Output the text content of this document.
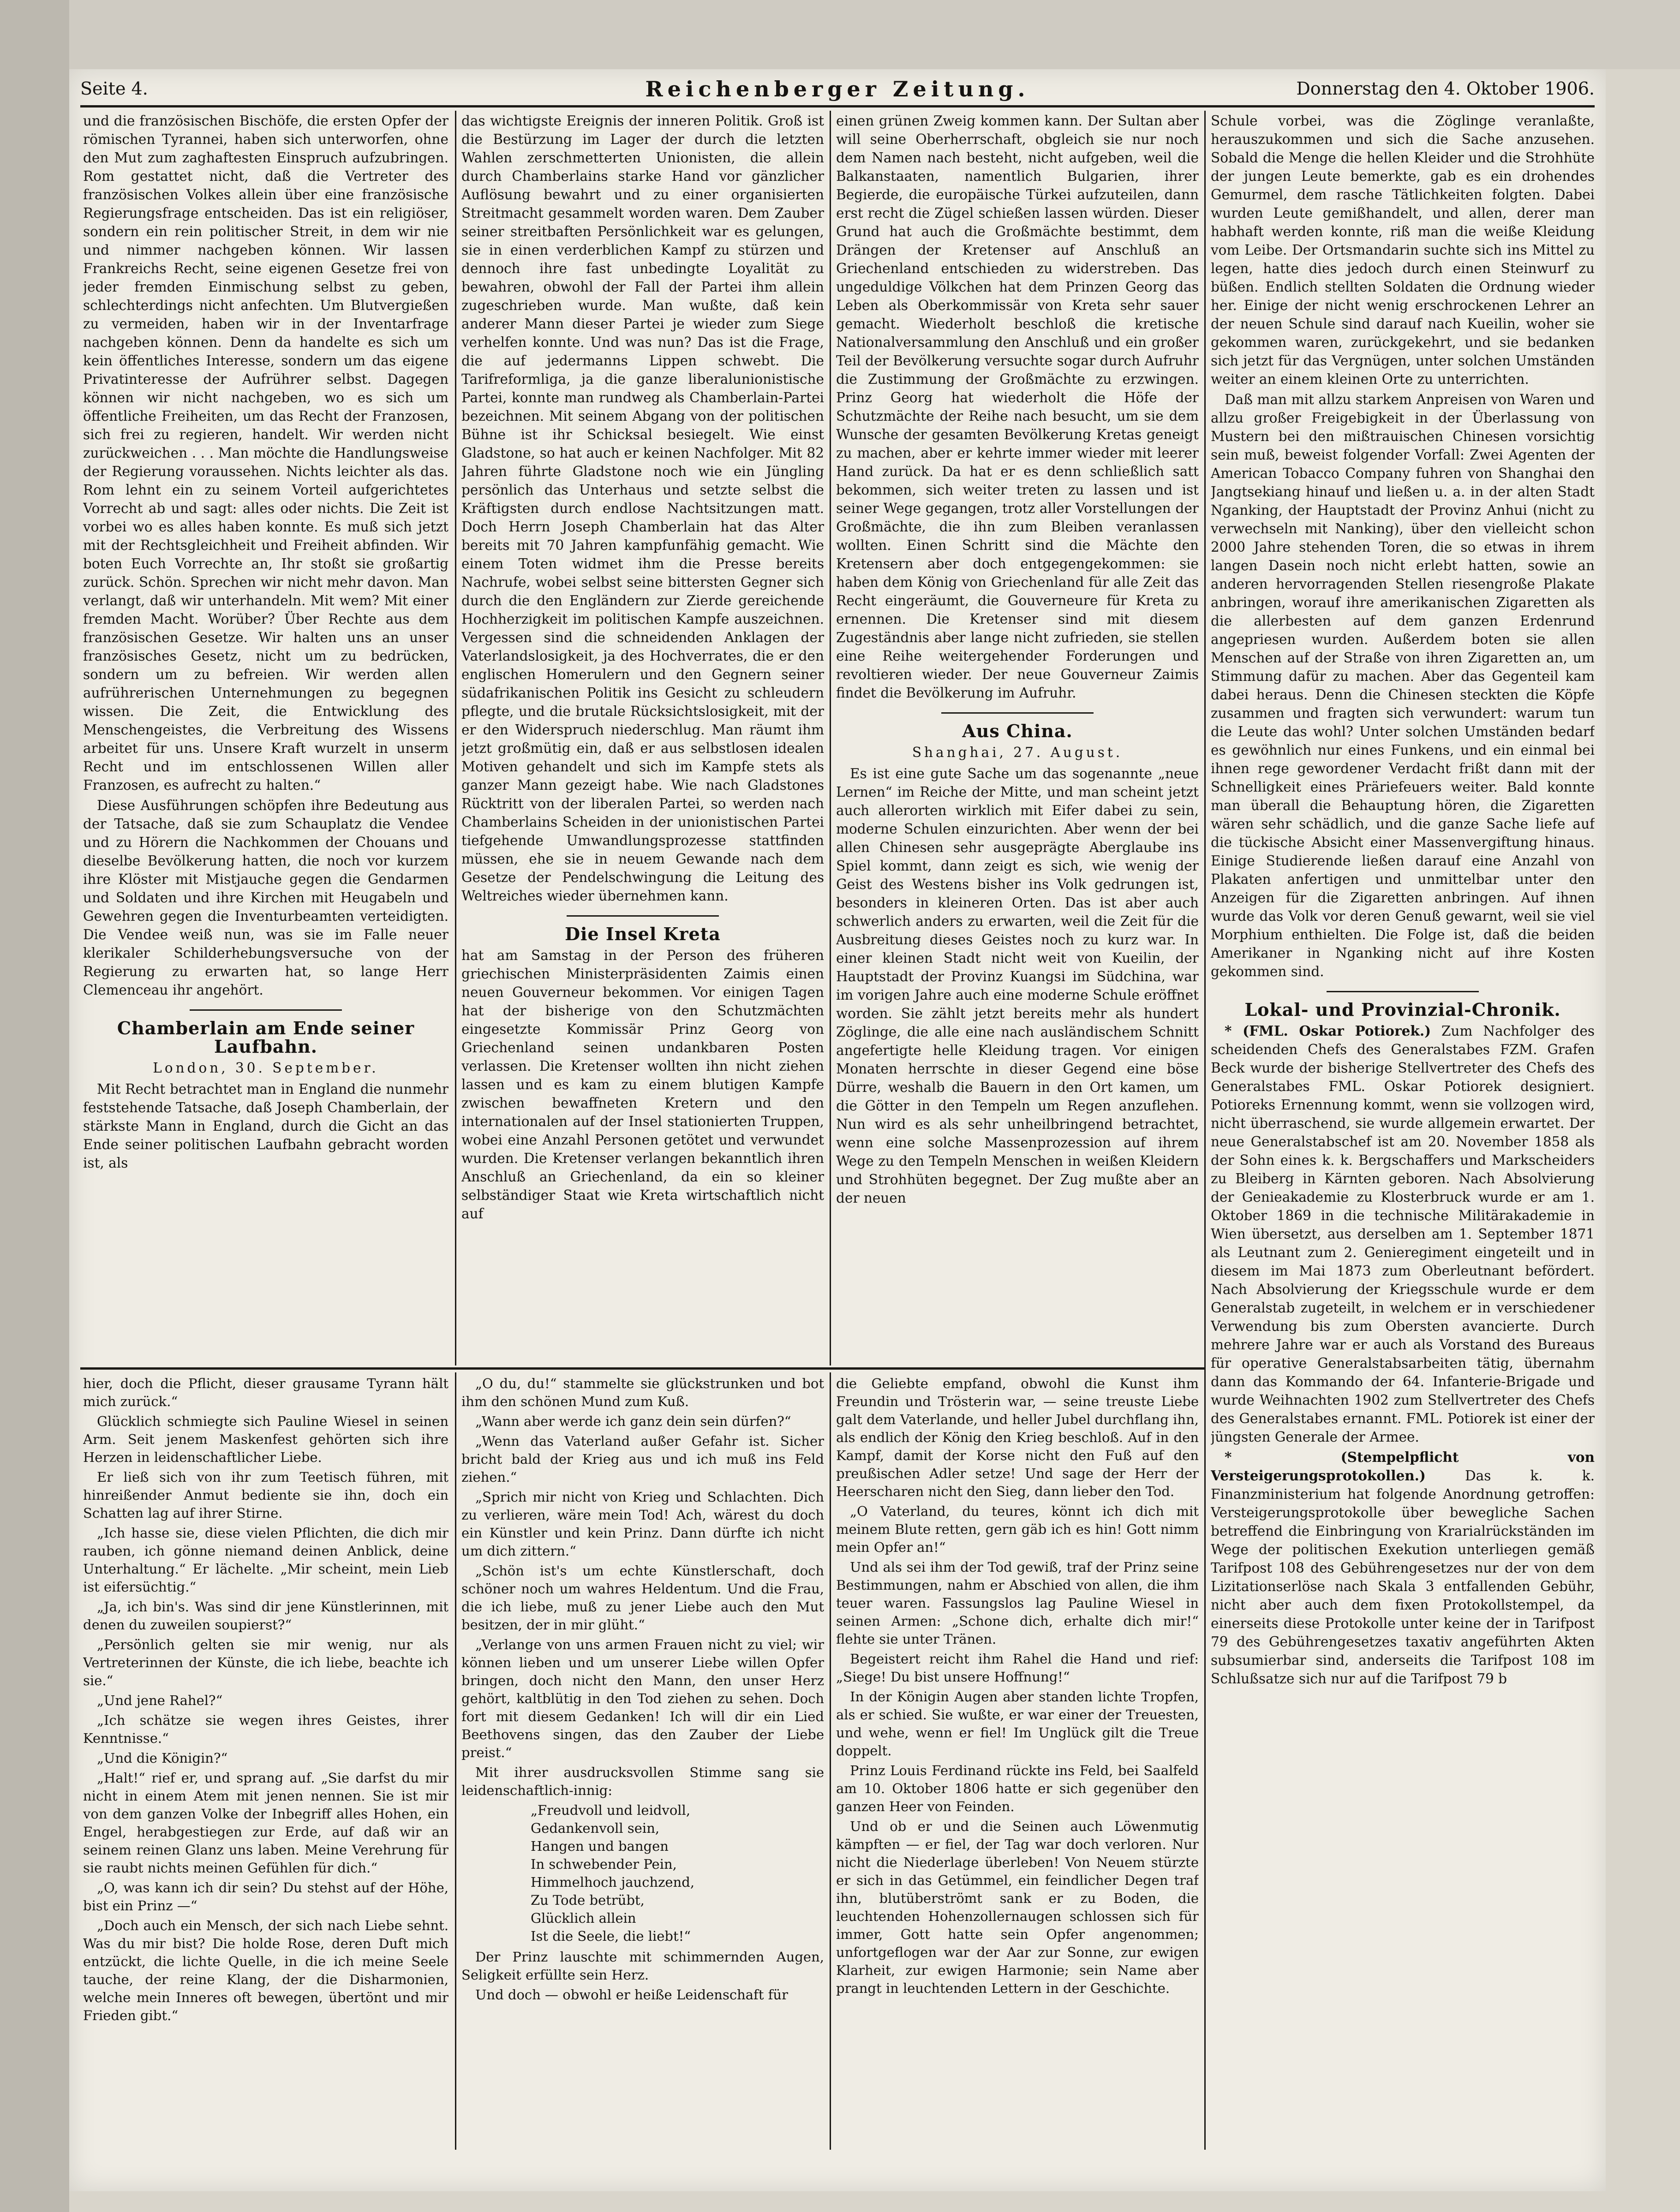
Seite 4.	Reichenberger Zeitung.	Donnerstag den 4. Oktober 1906.

und die französischen Bischöfe, die ersten Opfer der römischen Tyrannei, haben sich unterworfen, ohne den Mut zum zaghaftesten Einspruch aufzubringen. Rom gestattet nicht, daß die Vertreter des französischen Volkes allein über eine französische Regierungsfrage entscheiden. Das ist ein religiöser, sondern ein rein politischer Streit, in dem wir nie und nimmer nachgeben können. Wir lassen Frankreichs Recht, seine eigenen Gesetze frei von jeder fremden Einmischung selbst zu geben, schlechterdings nicht anfechten. Um Blutvergießen zu vermeiden, haben wir in der Inventarfrage nachgeben können. Denn da handelte es sich um kein öffentliches Interesse, sondern um das eigene Privatinteresse der Aufrührer selbst. Dagegen können wir nicht nachgeben, wo es sich um öffentliche Freiheiten, um das Recht der Franzosen, sich frei zu regieren, handelt. Wir werden nicht zurückweichen . . . Man möchte die Handlungsweise der Regierung voraussehen. Nichts leichter als das. Rom lehnt ein zu seinem Vorteil aufgerichtetes Vorrecht ab und sagt: alles oder nichts. Die Zeit ist vorbei wo es alles haben konnte. Es muß sich jetzt mit der Rechtsgleichheit und Freiheit abfinden. Wir boten Euch Vorrechte an, Ihr stoßt sie großartig zurück. Schön. Sprechen wir nicht mehr davon. Man verlangt, daß wir unterhandeln. Mit wem? Mit einer fremden Macht. Worüber? Über Rechte aus dem französischen Gesetze. Wir halten uns an unser französisches Gesetz, nicht um zu bedrücken, sondern um zu befreien. Wir werden allen aufrührerischen Unternehmungen zu begegnen wissen. Die Zeit, die Entwicklung des Menschengeistes, die Verbreitung des Wissens arbeitet für uns. Unsere Kraft wurzelt in unserm Recht und im entschlossenen Willen aller Franzosen, es aufrecht zu halten.“

Diese Ausführungen schöpfen ihre Bedeutung aus der Tatsache, daß sie zum Schauplatz die Vendee und zu Hörern die Nachkommen der Chouans und dieselbe Bevölkerung hatten, die noch vor kurzem ihre Klöster mit Mistjauche gegen die Gendarmen und Soldaten und ihre Kirchen mit Heugabeln und Gewehren gegen die Inventurbeamten verteidigten. Die Vendee weiß nun, was sie im Falle neuer klerikaler Schilderhebungsversuche von der Regierung zu erwarten hat, so lange Herr Clemenceau ihr angehört.

Chamberlain am Ende seiner Laufbahn.
London, 30. September.

Mit Recht betrachtet man in England die nunmehr feststehende Tatsache, daß Joseph Chamberlain, der stärkste Mann in England, durch die Gicht an das Ende seiner politischen Laufbahn gebracht worden ist, als

das wichtigste Ereignis der inneren Politik. Groß ist die Bestürzung im Lager der durch die letzten Wahlen zerschmetterten Unionisten, die allein durch Chamberlains starke Hand vor gänzlicher Auflösung bewahrt und zu einer organisierten Streitmacht gesammelt worden waren. Dem Zauber seiner streitbaften Persönlichkeit war es gelungen, sie in einen verderblichen Kampf zu stürzen und dennoch ihre fast unbedingte Loyalität zu bewahren, obwohl der Fall der Partei ihm allein zugeschrieben wurde. Man wußte, daß kein anderer Mann dieser Partei je wieder zum Siege verhelfen konnte. Und was nun? Das ist die Frage, die auf jedermanns Lippen schwebt. Die Tarifreformliga, ja die ganze liberalunionistische Partei, konnte man rundweg als Chamberlain-Partei bezeichnen. Mit seinem Abgang von der politischen Bühne ist ihr Schicksal besiegelt. Wie einst Gladstone, so hat auch er keinen Nachfolger. Mit 82 Jahren führte Gladstone noch wie ein Jüngling persönlich das Unterhaus und setzte selbst die Kräftigsten durch endlose Nachtsitzungen matt. Doch Herrn Joseph Chamberlain hat das Alter bereits mit 70 Jahren kampfunfähig gemacht. Wie einem Toten widmet ihm die Presse bereits Nachrufe, wobei selbst seine bittersten Gegner sich durch die den Engländern zur Zierde gereichende Hochherzigkeit im politischen Kampfe auszeichnen. Vergessen sind die schneidenden Anklagen der Vaterlandslosigkeit, ja des Hochverrates, die er den englischen Homerulern und den Gegnern seiner südafrikanischen Politik ins Gesicht zu schleudern pflegte, und die brutale Rücksichtslosigkeit, mit der er den Widerspruch niederschlug. Man räumt ihm jetzt großmütig ein, daß er aus selbstlosen idealen Motiven gehandelt und sich im Kampfe stets als ganzer Mann gezeigt habe. Wie nach Gladstones Rücktritt von der liberalen Partei, so werden nach Chamberlains Scheiden in der unionistischen Partei tiefgehende Umwandlungsprozesse stattfinden müssen, ehe sie in neuem Gewande nach dem Gesetze der Pendelschwingung die Leitung des Weltreiches wieder übernehmen kann.

Die Insel Kreta

hat am Samstag in der Person des früheren griechischen Ministerpräsidenten Zaimis einen neuen Gouverneur bekommen. Vor einigen Tagen hat der bisherige von den Schutzmächten eingesetzte Kommissär Prinz Georg von Griechenland seinen undankbaren Posten verlassen. Die Kretenser wollten ihn nicht ziehen lassen und es kam zu einem blutigen Kampfe zwischen bewaffneten Kretern und den internationalen auf der Insel stationierten Truppen, wobei eine Anzahl Personen getötet und verwundet wurden. Die Kretenser verlangen bekanntlich ihren Anschluß an Griechenland, da ein so kleiner selbständiger Staat wie Kreta wirtschaftlich nicht auf

einen grünen Zweig kommen kann. Der Sultan aber will seine Oberherrschaft, obgleich sie nur noch dem Namen nach besteht, nicht aufgeben, weil die Balkanstaaten, namentlich Bulgarien, ihrer Begierde, die europäische Türkei aufzuteilen, dann erst recht die Zügel schießen lassen würden. Dieser Grund hat auch die Großmächte bestimmt, dem Drängen der Kretenser auf Anschluß an Griechenland entschieden zu widerstreben. Das ungeduldige Völkchen hat dem Prinzen Georg das Leben als Oberkommissär von Kreta sehr sauer gemacht. Wiederholt beschloß die kretische Nationalversammlung den Anschluß und ein großer Teil der Bevölkerung versuchte sogar durch Aufruhr die Zustimmung der Großmächte zu erzwingen. Prinz Georg hat wiederholt die Höfe der Schutzmächte der Reihe nach besucht, um sie dem Wunsche der gesamten Bevölkerung Kretas geneigt zu machen, aber er kehrte immer wieder mit leerer Hand zurück. Da hat er es denn schließlich satt bekommen, sich weiter treten zu lassen und ist seiner Wege gegangen, trotz aller Vorstellungen der Großmächte, die ihn zum Bleiben veranlassen wollten. Einen Schritt sind die Mächte den Kretensern aber doch entgegengekommen: sie haben dem König von Griechenland für alle Zeit das Recht eingeräumt, die Gouverneure für Kreta zu ernennen. Die Kretenser sind mit diesem Zugeständnis aber lange nicht zufrieden, sie stellen eine Reihe weitergehender Forderungen und revoltieren wieder. Der neue Gouverneur Zaimis findet die Bevölkerung im Aufruhr.

Aus China.
Shanghai, 27. August.

Es ist eine gute Sache um das sogenannte „neue Lernen“ im Reiche der Mitte, und man scheint jetzt auch allerorten wirklich mit Eifer dabei zu sein, moderne Schulen einzurichten. Aber wenn der bei allen Chinesen sehr ausgeprägte Aberglaube ins Spiel kommt, dann zeigt es sich, wie wenig der Geist des Westens bisher ins Volk gedrungen ist, besonders in kleineren Orten. Das ist aber auch schwerlich anders zu erwarten, weil die Zeit für die Ausbreitung dieses Geistes noch zu kurz war. In einer kleinen Stadt nicht weit von Kueilin, der Hauptstadt der Provinz Kuangsi im Südchina, war im vorigen Jahre auch eine moderne Schule eröffnet worden. Sie zählt jetzt bereits mehr als hundert Zöglinge, die alle eine nach ausländischem Schnitt angefertigte helle Kleidung tragen. Vor einigen Monaten herrschte in dieser Gegend eine böse Dürre, weshalb die Bauern in den Ort kamen, um die Götter in den Tempeln um Regen anzuflehen. Nun wird es als sehr unheilbringend betrachtet, wenn eine solche Massenprozession auf ihrem Wege zu den Tempeln Menschen in weißen Kleidern und Strohhüten begegnet. Der Zug mußte aber an der neuen

Schule vorbei, was die Zöglinge veranlaßte, herauszukommen und sich die Sache anzusehen. Sobald die Menge die hellen Kleider und die Strohhüte der jungen Leute bemerkte, gab es ein drohendes Gemurmel, dem rasche Tätlichkeiten folgten. Dabei wurden Leute gemißhandelt, und allen, derer man habhaft werden konnte, riß man die weiße Kleidung vom Leibe. Der Ortsmandarin suchte sich ins Mittel zu legen, hatte dies jedoch durch einen Steinwurf zu büßen. Endlich stellten Soldaten die Ordnung wieder her. Einige der nicht wenig erschrockenen Lehrer an der neuen Schule sind darauf nach Kueilin, woher sie gekommen waren, zurückgekehrt, und sie bedanken sich jetzt für das Vergnügen, unter solchen Umständen weiter an einem kleinen Orte zu unterrichten.

Daß man mit allzu starkem Anpreisen von Waren und allzu großer Freigebigkeit in der Überlassung von Mustern bei den mißtrauischen Chinesen vorsichtig sein muß, beweist folgender Vorfall: Zwei Agenten der American Tobacco Company fuhren von Shanghai den Jangtsekiang hinauf und ließen u. a. in der alten Stadt Nganking, der Hauptstadt der Provinz Anhui (nicht zu verwechseln mit Nanking), über den vielleicht schon 2000 Jahre stehenden Toren, die so etwas in ihrem langen Dasein noch nicht erlebt hatten, sowie an anderen hervorragenden Stellen riesengroße Plakate anbringen, worauf ihre amerikanischen Zigaretten als die allerbesten auf dem ganzen Erdenrund angepriesen wurden. Außerdem boten sie allen Menschen auf der Straße von ihren Zigaretten an, um Stimmung dafür zu machen. Aber das Gegenteil kam dabei heraus. Denn die Chinesen steckten die Köpfe zusammen und fragten sich verwundert: warum tun die Leute das wohl? Unter solchen Umständen bedarf es gewöhnlich nur eines Funkens, und ein einmal bei ihnen rege gewordener Verdacht frißt dann mit der Schnelligkeit eines Präriefeuers weiter. Bald konnte man überall die Behauptung hören, die Zigaretten wären sehr schädlich, und die ganze Sache liefe auf die tückische Absicht einer Massenvergiftung hinaus. Einige Studierende ließen darauf eine Anzahl von Plakaten anfertigen und unmittelbar unter den Anzeigen für die Zigaretten anbringen. Auf ihnen wurde das Volk vor deren Genuß gewarnt, weil sie viel Morphium enthielten. Die Folge ist, daß die beiden Amerikaner in Nganking nicht auf ihre Kosten gekommen sind.

Lokal- und Provinzial-Chronik.

* (FML. Oskar Potiorek.) Zum Nachfolger des scheidenden Chefs des Generalstabes FZM. Grafen Beck wurde der bisherige Stellvertreter des Chefs des Generalstabes FML. Oskar Potiorek designiert. Potioreks Ernennung kommt, wenn sie vollzogen wird, nicht überraschend, sie wurde allgemein erwartet. Der neue Generalstabschef ist am 20. November 1858 als der Sohn eines k. k. Bergschaffers und Markscheiders zu Bleiberg in Kärnten geboren. Nach Absolvierung der Genieakademie zu Klosterbruck wurde er am 1. Oktober 1869 in die technische Militärakademie in Wien übersetzt, aus derselben am 1. September 1871 als Leutnant zum 2. Genieregiment eingeteilt und in diesem im Mai 1873 zum Oberleutnant befördert. Nach Absolvierung der Kriegsschule wurde er dem Generalstab zugeteilt, in welchem er in verschiedener Verwendung bis zum Obersten avancierte. Durch mehrere Jahre war er auch als Vorstand des Bureaus für operative Generalstabsarbeiten tätig, übernahm dann das Kommando der 64. Infanterie-Brigade und wurde Weihnachten 1902 zum Stellvertreter des Chefs des Generalstabes ernannt. FML. Potiorek ist einer der jüngsten Generale der Armee.

* (Stempelpflicht von Versteigerungsprotokollen.)	Das k. k. Finanzministerium hat folgende Anordnung getroffen: Versteigerungsprotokolle über bewegliche Sachen betreffend die Einbringung von Krarialrückständen im Wege der politischen Exekution unterliegen gemäß Tarifpost 108 des Gebührengesetzes nur der von dem Lizitationserlöse nach Skala 3 entfallenden Gebühr, nicht aber auch dem fixen Protokollstempel, da einerseits diese Protokolle unter keine der in Tarifpost 79 des Gebührengesetzes taxativ angeführten Akten subsumierbar sind, anderseits die Tarifpost 108 im Schlußsatze sich nur auf die Tarifpost 79 b

hier, doch die Pflicht, dieser grausame Tyrann hält mich zurück.“

Glücklich schmiegte sich Pauline Wiesel in seinen Arm. Seit jenem Maskenfest gehörten sich ihre Herzen in leidenschaftlicher Liebe.

Er ließ sich von ihr zum Teetisch führen, mit hinreißender Anmut bediente sie ihn, doch ein Schatten lag auf ihrer Stirne.

„Ich hasse sie, diese vielen Pflichten, die dich mir rauben, ich gönne niemand deinen Anblick, deine Unterhaltung.“ Er lächelte. „Mir scheint, mein Lieb ist eifersüchtig.“

„Ja, ich bin's. Was sind dir jene Künstlerinnen, mit denen du zuweilen soupierst?“

„Persönlich gelten sie mir wenig, nur als Vertreterinnen der Künste, die ich liebe, beachte ich sie.“

„Und jene Rahel?“

„Ich schätze sie wegen ihres Geistes, ihrer Kenntnisse.“

„Und die Königin?“

„Halt!“ rief er, und sprang auf. „Sie darfst du mir nicht in einem Atem mit jenen nennen. Sie ist mir von dem ganzen Volke der Inbegriff alles Hohen, ein Engel, herabgestiegen zur Erde, auf daß wir an seinem reinen Glanz uns laben. Meine Verehrung für sie raubt nichts meinen Gefühlen für dich.“

„O, was kann ich dir sein? Du stehst auf der Höhe, bist ein Prinz —“

„Doch auch ein Mensch, der sich nach Liebe sehnt. Was du mir bist? Die holde Rose, deren Duft mich entzückt, die lichte Quelle, in die ich meine Seele tauche, der reine Klang, der die Disharmonien, welche mein Inneres oft bewegen, übertönt und mir Frieden gibt.“

„O du, du!“ stammelte sie glückstrunken und bot ihm den schönen Mund zum Kuß.

„Wann aber werde ich ganz dein sein dürfen?“

„Wenn das Vaterland außer Gefahr ist. Sicher bricht bald der Krieg aus und ich muß ins Feld ziehen.“

„Sprich mir nicht von Krieg und Schlachten. Dich zu verlieren, wäre mein Tod! Ach, wärest du doch ein Künstler und kein Prinz. Dann dürfte ich nicht um dich zittern.“

„Schön ist's um echte Künstlerschaft, doch schöner noch um wahres Heldentum. Und die Frau, die ich liebe, muß zu jener Liebe auch den Mut besitzen, der in mir glüht.“

„Verlange von uns armen Frauen nicht zu viel; wir können lieben und um unserer Liebe willen Opfer bringen, doch nicht den Mann, den unser Herz gehört, kaltblütig in den Tod ziehen zu sehen. Doch fort mit diesem Gedanken! Ich will dir ein Lied Beethovens singen, das den Zauber der Liebe preist.“

Mit ihrer ausdrucksvollen Stimme sang sie leidenschaftlich-innig:

„Freudvoll und leidvoll,
Gedankenvoll sein,
Hangen und bangen
In schwebender Pein,
Himmelhoch jauchzend,
Zu Tode betrübt,
Glücklich allein
Ist die Seele, die liebt!“

Der Prinz lauschte mit schimmernden Augen, Seligkeit erfüllte sein Herz.

Und doch — obwohl er heiße Leidenschaft für

die Geliebte empfand, obwohl die Kunst ihm Freundin und Trösterin war, — seine treuste Liebe galt dem Vaterlande, und heller Jubel durchflang ihn, als endlich der König den Krieg beschloß. Auf in den Kampf, damit der Korse nicht den Fuß auf den preußischen Adler setze! Und sage der Herr der Heerscharen nicht den Sieg, dann lieber den Tod.

„O Vaterland, du teures, könnt ich dich mit meinem Blute retten, gern gäb ich es hin! Gott nimm mein Opfer an!“

Und als sei ihm der Tod gewiß, traf der Prinz seine Bestimmungen, nahm er Abschied von allen, die ihm teuer waren. Fassungslos lag Pauline Wiesel in seinen Armen: „Schone dich, erhalte dich mir!“ flehte sie unter Tränen.

Begeistert reicht ihm Rahel die Hand und rief: „Siege! Du bist unsere Hoffnung!“

In der Königin Augen aber standen lichte Tropfen, als er schied. Sie wußte, er war einer der Treuesten, und wehe, wenn er fiel! Im Unglück gilt die Treue doppelt.

Prinz Louis Ferdinand rückte ins Feld, bei Saalfeld am 10. Oktober 1806 hatte er sich gegenüber den ganzen Heer von Feinden.

Und ob er und die Seinen auch Löwenmutig kämpften — er fiel, der Tag war doch verloren. Nur nicht die Niederlage überleben! Von Neuem stürzte er sich in das Getümmel, ein feindlicher Degen traf ihn, blutüberströmt sank er zu Boden, die leuchtenden Hohenzollernaugen schlossen sich für immer, Gott hatte sein Opfer angenommen; unfortgeflogen war der Aar zur Sonne, zur ewigen Klarheit, zur ewigen Harmonie; sein Name aber prangt in leuchtenden Lettern in der Geschichte.
